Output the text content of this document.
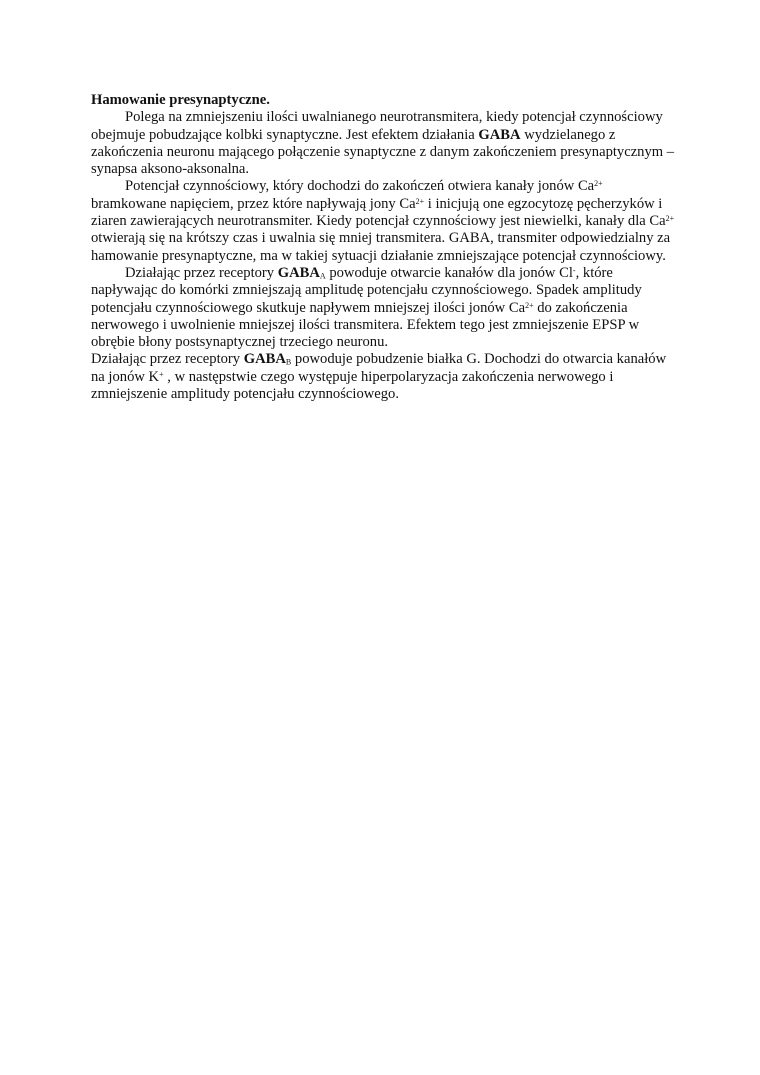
Hamowanie presynaptyczne.

Polega na zmniejszeniu ilości uwalnianego neurotransmitera, kiedy potencjał czynnościowy obejmuje pobudzające kolbki synaptyczne. Jest efektem działania GABA wydzielanego z zakończenia neuronu mającego połączenie synaptyczne z danym zakończeniem presynaptycznym – synapsa aksono-aksonalna.

Potencjał czynnościowy, który dochodzi do zakończeń otwiera kanały jonów $Ca^{2+}$ bramkowane napięciem, przez które napływają jony $Ca^{2+}$ i inicjują one egzocytozę pęcherzyków i ziaren zawierających neurotransmiter. Kiedy potencjał czynnościowy jest niewielki, kanały dla $Ca^{2+}$ otwierają się na krótszy czas i uwalnia się mniej transmitera. GABA, transmiter odpowiedzialny za hamowanie presynaptyczne, ma w takiej sytuacji działanie zmniejszające potencjał czynnościowy.

Działając przez receptory $GABA_A$ powoduje otwarcie kanałów dla jonów Cl-, które napływając do komórki zmniejszają amplitudę potencjału czynnościowego. Spadek amplitudy potencjału czynnościowego skutkuje napływem mniejszej ilości jonów $Ca^{2+}$ do zakończenia nerwowego i uwolnienie mniejszej ilości transmitera. Efektem tego jest zmniejszenie EPSP w obrębie błony postsynaptycznej trzeciego neuronu.

Działając przez receptory $GABA_B$ powoduje pobudzenie białka G. Dochodzi do otwarcia kanałów na jonów K+ , w następstwie czego występuje hiperpolaryzacja zakończenia nerwowego i zmniejszenie amplitudy potencjału czynnościowego.
